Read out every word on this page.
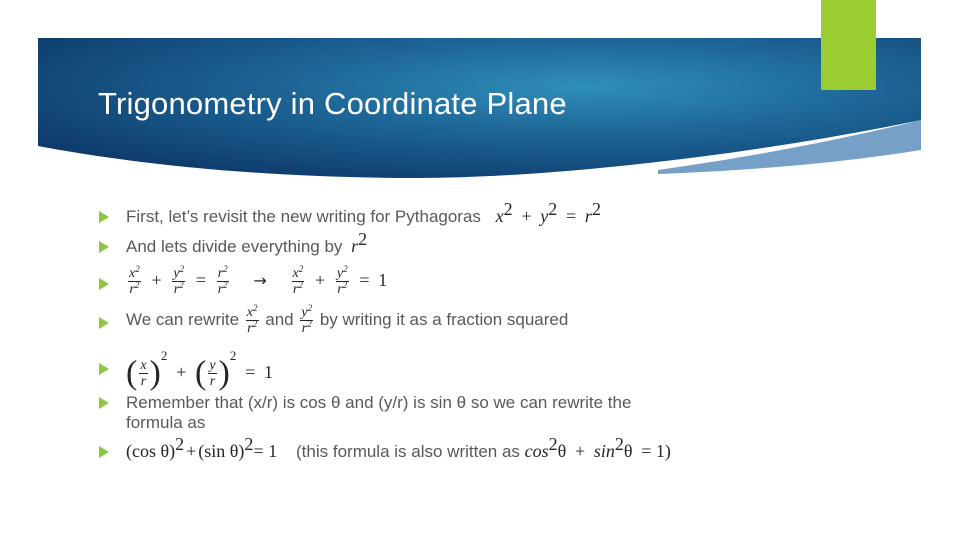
Trigonometry in Coordinate Plane
First, let’s revisit the new writing for Pythagoras $x^2 + y^2 = r^2$
And lets divide everything by $r^2$
$\frac{x^2}{r^2} + \frac{y^2}{r^2} = \frac{r^2}{r^2} \to \frac{x^2}{r^2} + \frac{y^2}{r^2} = 1$
We can rewrite $\frac{x^2}{r^2}$ and $\frac{y^2}{r^2}$ by writing it as a fraction squared
( $\frac{x}{r} )^2$ + ( $\frac{y}{r} )^2 = 1$
Remember that (x/r) is cos θ and (y/r) is sin θ so we can rewrite the
formula as
(cos θ)$^2$ + (sin θ)$^2$= 1 (this formula is also written as $\cos^2\theta + \sin^2\theta = 1$)
